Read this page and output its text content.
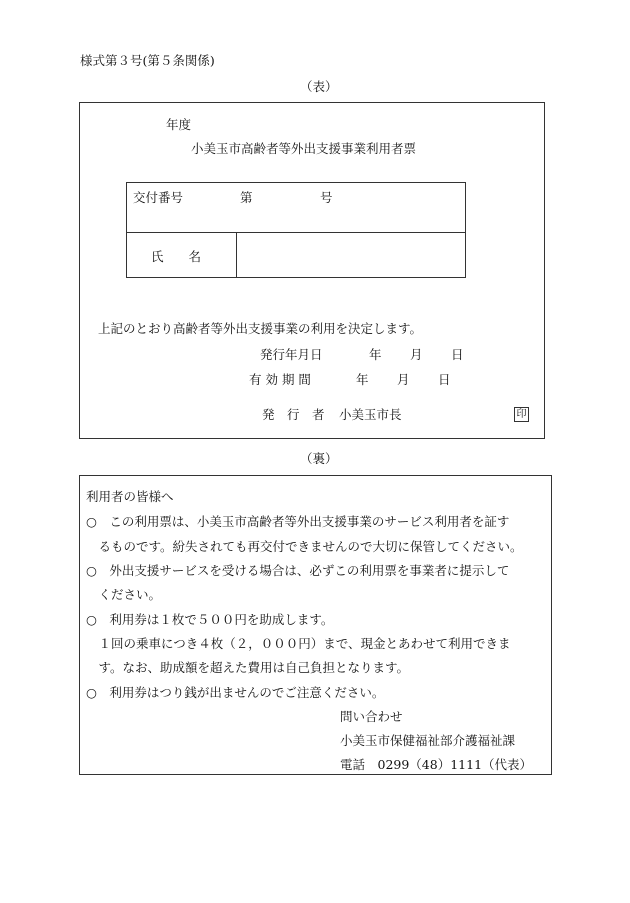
様式第３号(第５条関係)
（表）
年度
小美玉市高齢者等外出支援事業利用者票
交付番号	第	号
氏　　名
上記のとおり高齢者等外出支援事業の利用を決定します。
発行年月日	年 月 日
有 効 期 間	年 月 日
発　行　者 小美玉市長	印
（裏）
利用者の皆様へ
○　この利用票は、小美玉市高齢者等外出支援事業のサービス利用者を証す
　るものです。紛失されても再交付できませんので大切に保管してください。
○　外出支援サービスを受ける場合は、必ずこの利用票を事業者に提示して
　ください。
○　利用券は１枚で５００円を助成します。
　１回の乗車につき４枚（２，０００円）まで、現金とあわせて利用できま
　す。なお、助成額を超えた費用は自己負担となります。
○　利用券はつり銭が出ませんのでご注意ください。
問い合わせ
小美玉市保健福祉部介護福祉課
電話　0299（48）1111（代表）
